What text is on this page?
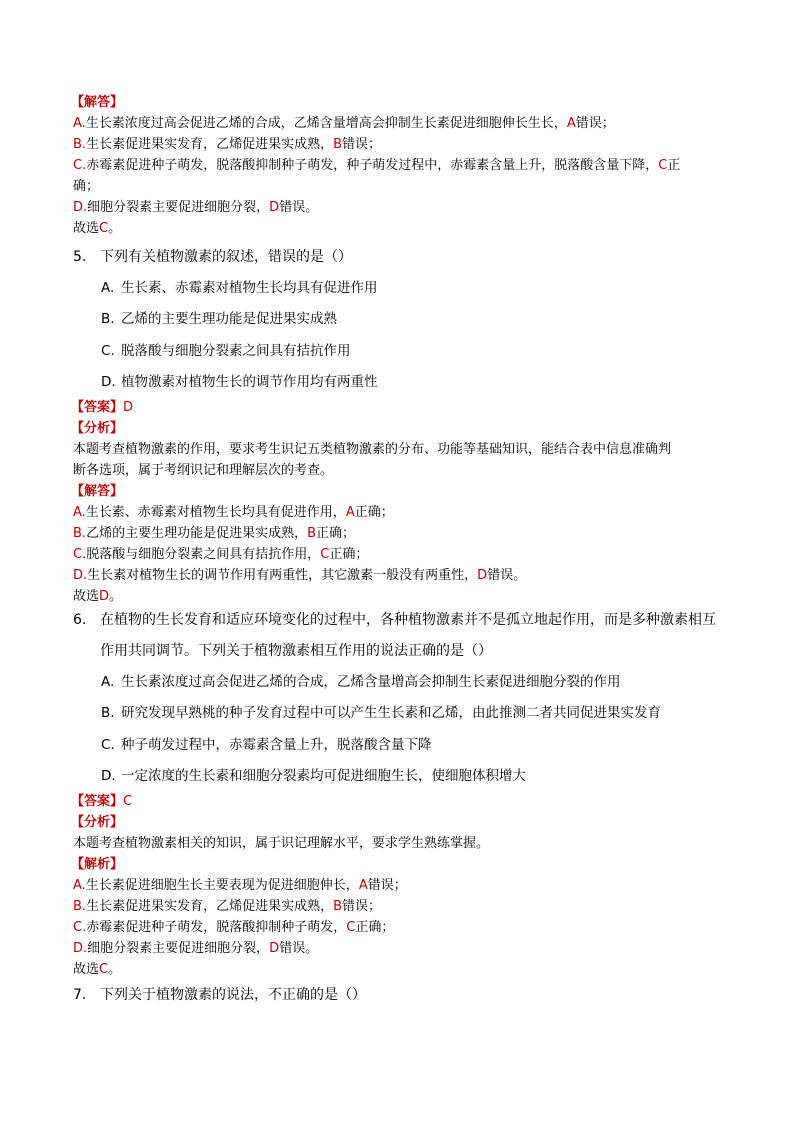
【解答】
A.生长素浓度过高会促进乙烯的合成，乙烯含量增高会抑制生长素促进细胞伸长生长，A错误；
B.生长素促进果实发育，乙烯促进果实成熟，B错误；
C.赤霉素促进种子萌发，脱落酸抑制种子萌发，种子萌发过程中，赤霉素含量上升，脱落酸含量下降，C正
确；
D.细胞分裂素主要促进细胞分裂，D错误。
故选C。
5. 下列有关植物激素的叙述，错误的是（）
A. 生长素、赤霉素对植物生长均具有促进作用
B. 乙烯的主要生理功能是促进果实成熟
C. 脱落酸与细胞分裂素之间具有拮抗作用
D. 植物激素对植物生长的调节作用均有两重性
【答案】D
【分析】
本题考查植物激素的作用，要求考生识记五类植物激素的分布、功能等基础知识，能结合表中信息准确判
断各选项，属于考纲识记和理解层次的考查。
【解答】
A.生长素、赤霉素对植物生长均具有促进作用，A正确；
B.乙烯的主要生理功能是促进果实成熟，B正确；
C.脱落酸与细胞分裂素之间具有拮抗作用，C正确；
D.生长素对植物生长的调节作用有两重性，其它激素一般没有两重性，D错误。
故选D。
6. 在植物的生长发育和适应环境变化的过程中，各种植物激素并不是孤立地起作用，而是多种激素相互
作用共同调节。下列关于植物激素相互作用的说法正确的是（）
A. 生长素浓度过高会促进乙烯的合成，乙烯含量增高会抑制生长素促进细胞分裂的作用
B. 研究发现早熟桃的种子发育过程中可以产生生长素和乙烯，由此推测二者共同促进果实发育
C. 种子萌发过程中，赤霉素含量上升，脱落酸含量下降
D. 一定浓度的生长素和细胞分裂素均可促进细胞生长，使细胞体积增大
【答案】C
【分析】
本题考查植物激素相关的知识，属于识记理解水平，要求学生熟练掌握。
【解析】
A.生长素促进细胞生长主要表现为促进细胞伸长，A错误；
B.生长素促进果实发育，乙烯促进果实成熟，B错误；
C.赤霉素促进种子萌发，脱落酸抑制种子萌发，C正确；
D.细胞分裂素主要促进细胞分裂，D错误。
故选C。
7. 下列关于植物激素的说法，不正确的是（）
